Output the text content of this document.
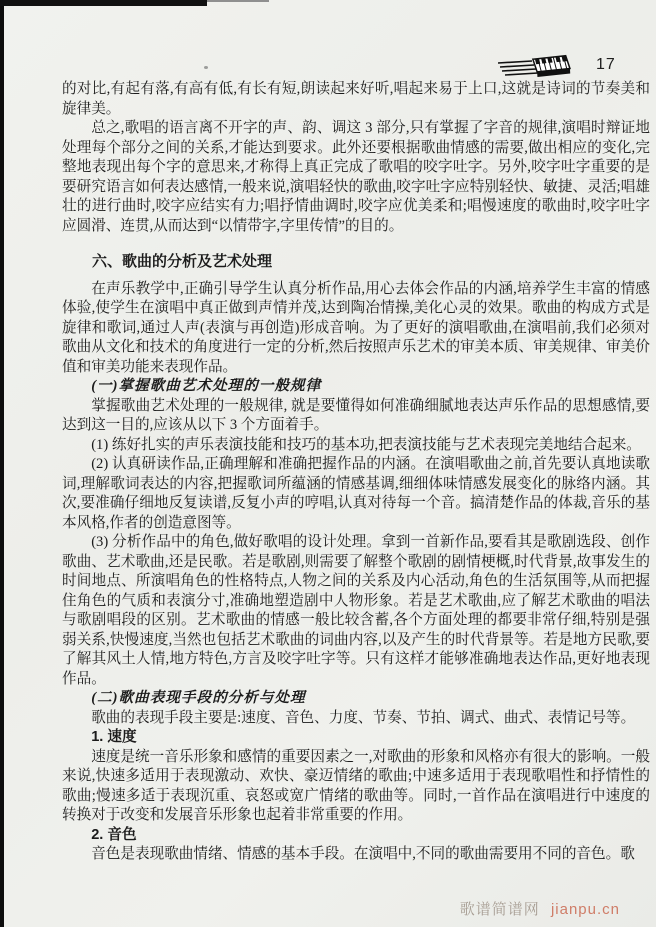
17

的对比,有起有落,有高有低,有长有短,朗读起来好听,唱起来易于上口,这就是诗词的节奏美和旋律美。

总之,歌唱的语言离不开字的声、韵、调这 3 部分,只有掌握了字音的规律,演唱时辩证地处理每个部分之间的关系,才能达到要求。此外还要根据歌曲情感的需要,做出相应的变化,完整地表现出每个字的意思来,才称得上真正完成了歌唱的咬字吐字。另外,咬字吐字重要的是要研究语言如何表达感情,一般来说,演唱轻快的歌曲,咬字吐字应特别轻快、敏捷、灵活;唱雄壮的进行曲时,咬字应结实有力;唱抒情曲调时,咬字应优美柔和;唱慢速度的歌曲时,咬字吐字应圆滑、连贯,从而达到“以情带字,字里传情”的目的。

六、歌曲的分析及艺术处理

在声乐教学中,正确引导学生认真分析作品,用心去体会作品的内涵,培养学生丰富的情感体验,使学生在演唱中真正做到声情并茂,达到陶冶情操,美化心灵的效果。歌曲的构成方式是旋律和歌词,通过人声(表演与再创造)形成音响。为了更好的演唱歌曲,在演唱前,我们必须对歌曲从文化和技术的角度进行一定的分析,然后按照声乐艺术的审美本质、审美规律、审美价值和审美功能来表现作品。

(一)掌握歌曲艺术处理的一般规律

掌握歌曲艺术处理的一般规律, 就是要懂得如何准确细腻地表达声乐作品的思想感情,要达到这一目的,应该从以下 3 个方面着手。

(1) 练好扎实的声乐表演技能和技巧的基本功,把表演技能与艺术表现完美地结合起来。

(2) 认真研读作品,正确理解和准确把握作品的内涵。在演唱歌曲之前,首先要认真地读歌词,理解歌词表达的内容,把握歌词所蕴涵的情感基调,细细体味情感发展变化的脉络内涵。其次,要准确仔细地反复读谱,反复小声的哼唱,认真对待每一个音。搞清楚作品的体裁,音乐的基本风格,作者的创造意图等。

(3) 分析作品中的角色,做好歌唱的设计处理。拿到一首新作品,要看其是歌剧选段、创作歌曲、艺术歌曲,还是民歌。若是歌剧,则需要了解整个歌剧的剧情梗概,时代背景,故事发生的时间地点、所演唱角色的性格特点,人物之间的关系及内心活动,角色的生活氛围等,从而把握住角色的气质和表演分寸,准确地塑造剧中人物形象。若是艺术歌曲,应了解艺术歌曲的唱法与歌剧唱段的区别。艺术歌曲的情感一般比较含蓄,各个方面处理的都要非常仔细,特别是强弱关系,快慢速度,当然也包括艺术歌曲的词曲内容,以及产生的时代背景等。若是地方民歌,要了解其风土人情,地方特色,方言及咬字吐字等。只有这样才能够准确地表达作品,更好地表现作品。

(二)歌曲表现手段的分析与处理

歌曲的表现手段主要是:速度、音色、力度、节奏、节拍、调式、曲式、表情记号等。

1. 速度

速度是统一音乐形象和感情的重要因素之一,对歌曲的形象和风格亦有很大的影响。一般来说,快速多适用于表现激动、欢快、豪迈情绪的歌曲;中速多适用于表现歌唱性和抒情性的歌曲;慢速多适于表现沉重、哀怒或宽广情绪的歌曲等。同时,一首作品在演唱进行中速度的转换对于改变和发展音乐形象也起着非常重要的作用。

2. 音色

音色是表现歌曲情绪、情感的基本手段。在演唱中,不同的歌曲需要用不同的音色。歌

歌谱简谱网 jianpu.cn
